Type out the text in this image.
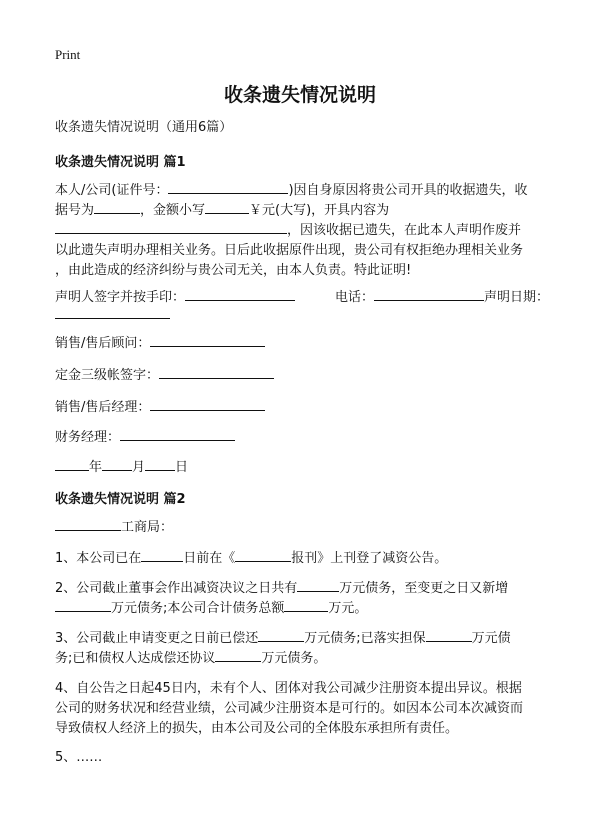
Print
收条遗失情况说明
收条遗失情况说明（通用6篇）
收条遗失情况说明 篇1
本人/公司(证件号：	)因自身原因将贵公司开具的收据遗失，收
据号为	，金额小写	￥元(大写)，开具内容为
，因该收据已遗失，在此本人声明作废并
以此遗失声明办理相关业务。日后此收据原件出现，贵公司有权拒绝办理相关业务
，由此造成的经济纠纷与贵公司无关，由本人负责。特此证明!
声明人签字并按手印：	电话：	声明日期：
销售/售后顾问：
定金三级帐签字：
销售/售后经理：
财务经理：
年 月 日
收条遗失情况说明 篇2
工商局：
1、本公司已在	日前在《	报刊》上刊登了减资公告。
2、公司截止董事会作出减资决议之日共有	万元债务，至变更之日又新增
万元债务;本公司合计债务总额	万元。
3、公司截止申请变更之日前已偿还	万元债务;已落实担保	万元债
务;已和债权人达成偿还协议	万元债务。
4、自公告之日起45日内，未有个人、团体对我公司减少注册资本提出异议。根据
公司的财务状况和经营业绩，公司减少注册资本是可行的。如因本公司本次减资而
导致债权人经济上的损失，由本公司及公司的全体股东承担所有责任。
5、……
